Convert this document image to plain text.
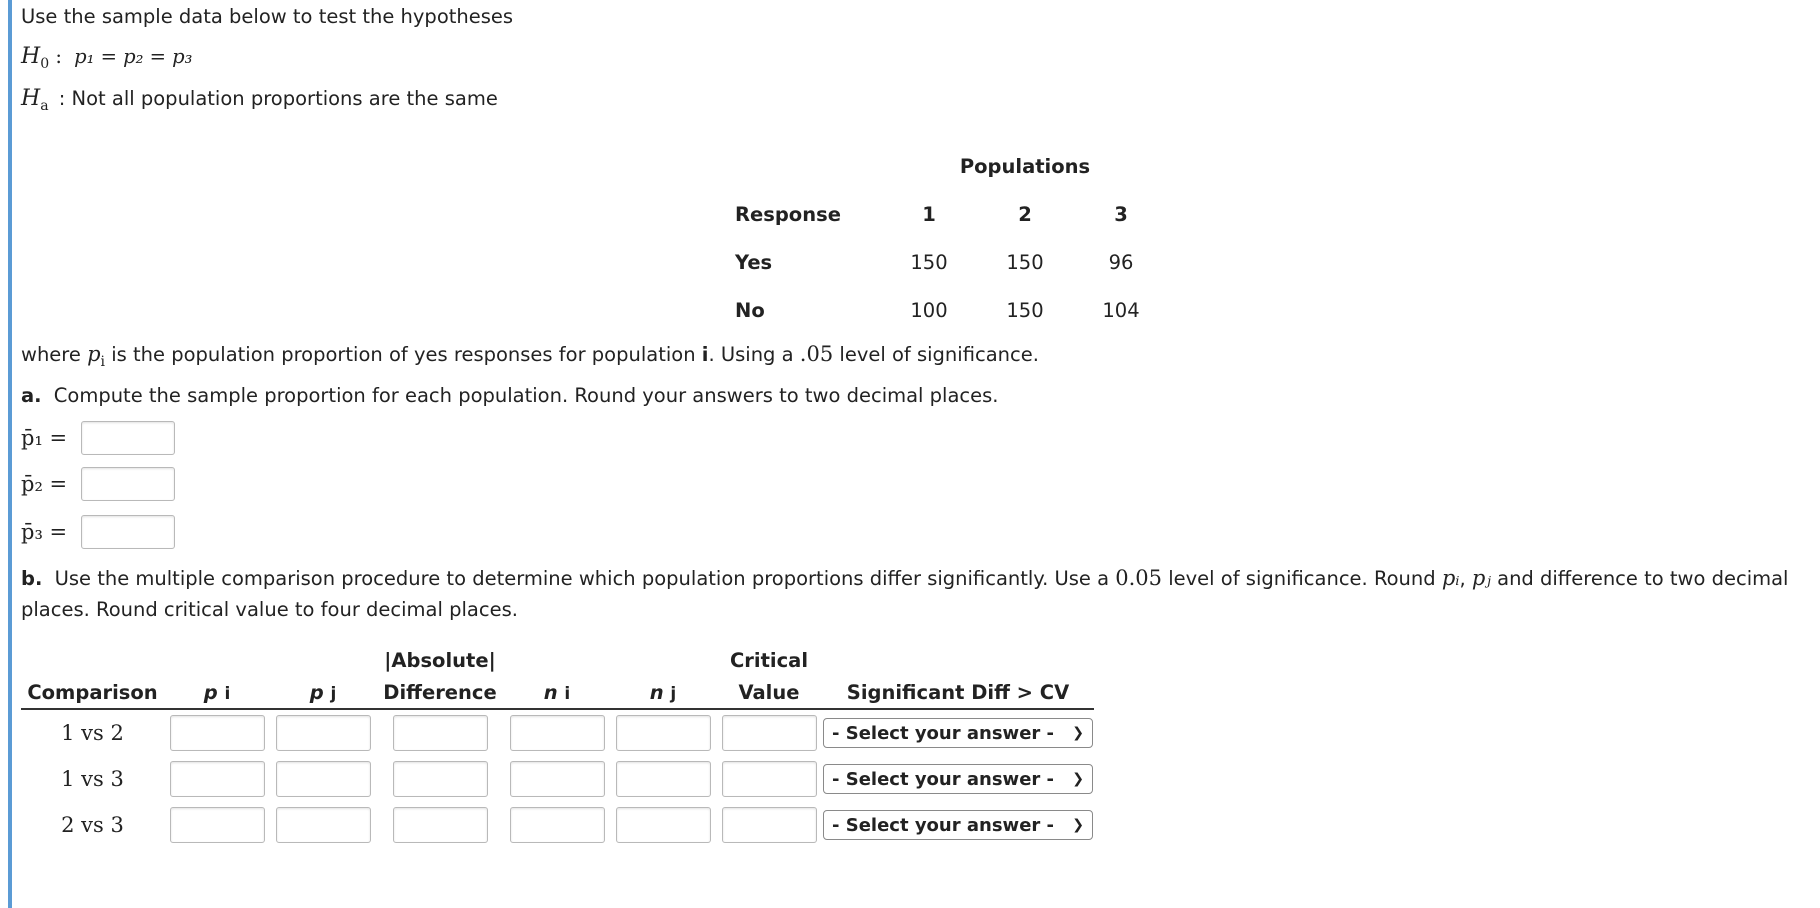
Use the sample data below to test the hypotheses
$H_0$ : p₁ = p₂ = p₃
$H_a$ : Not all population proportions are the same
	Populations		
Response	1	2	3
Yes	150	150	96
No	100	150	104
where $p_i$ is the population proportion of yes responses for population i. Using a .05 level of significance.
a. Compute the sample proportion for each population. Round your answers to two decimal places.
p̄₁ =
p̄₂ =
p̄₃ =
b. Use the multiple comparison procedure to determine which population proportions differ significantly. Use a 0.05 level of significance. Round pᵢ, pⱼ and difference to two decimal
places. Round critical value to four decimal places.
			|Absolute|			Critical	
Comparison	p i	p j	Difference	n i	n j	Value	Significant Diff > CV
1 vs 2							- Select your answer - ❯

1 vs 3							- Select your answer - ❯

2 vs 3							- Select your answer - ❯
